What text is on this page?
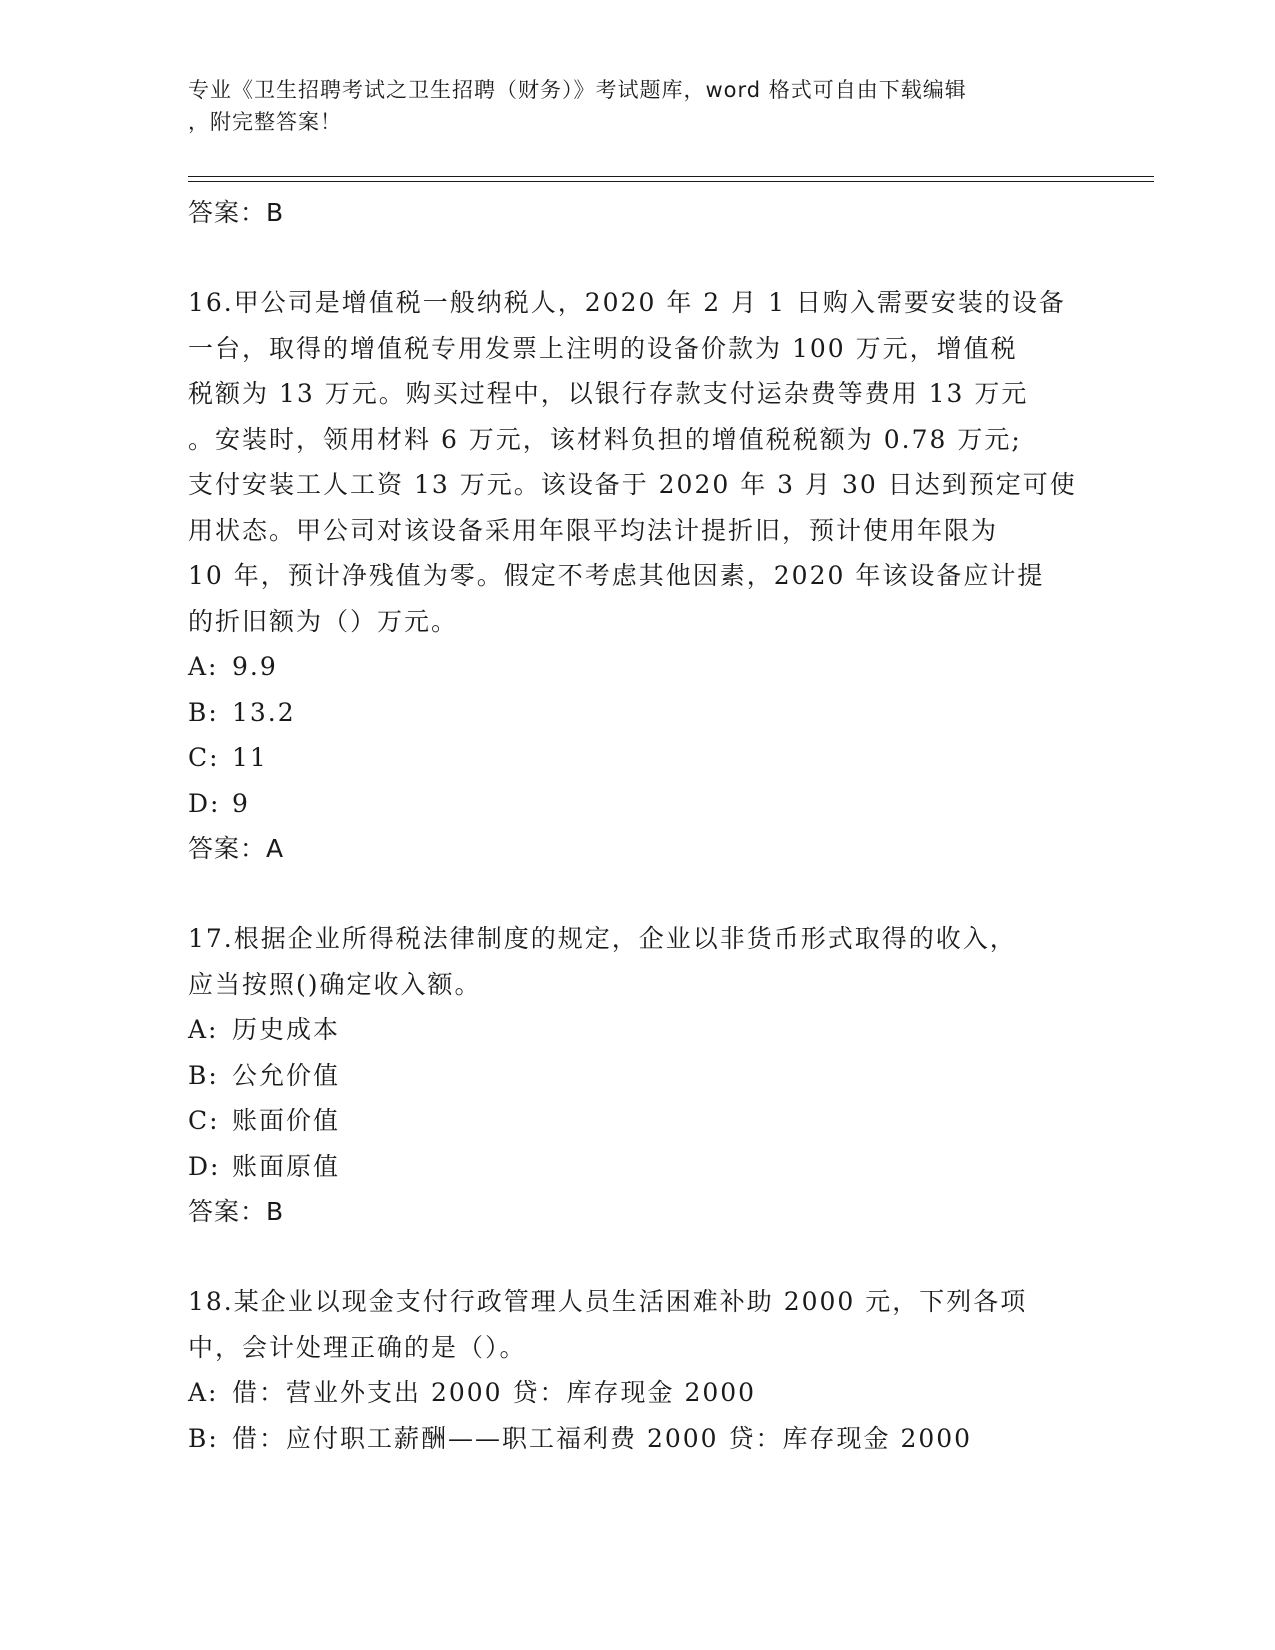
专业《卫生招聘考试之卫生招聘（财务）》考试题库，word 格式可自由下载编辑
，附完整答案！

答案：B

16.甲公司是增值税一般纳税人，2020 年 2 月 1 日购入需要安装的设备

一台，取得的增值税专用发票上注明的设备价款为 100 万元，增值税

税额为 13 万元。购买过程中，以银行存款支付运杂费等费用 13 万元

。安装时，领用材料 6 万元，该材料负担的增值税税额为 0.78 万元;

支付安装工人工资 13 万元。该设备于 2020 年 3 月 30 日达到预定可使

用状态。甲公司对该设备采用年限平均法计提折旧，预计使用年限为

10 年，预计净残值为零。假定不考虑其他因素，2020 年该设备应计提

的折旧额为（）万元。

A: 9.9

B: 13.2

C: 11

D: 9

答案：A

17.根据企业所得税法律制度的规定，企业以非货币形式取得的收入，

应当按照()确定收入额。

A: 历史成本

B: 公允价值

C: 账面价值

D: 账面原值

答案：B

18.某企业以现金支付行政管理人员生活困难补助 2000 元，下列各项

中，会计处理正确的是（）。

A: 借：营业外支出 2000 贷：库存现金 2000

B: 借：应付职工薪酬——职工福利费 2000 贷：库存现金 2000
